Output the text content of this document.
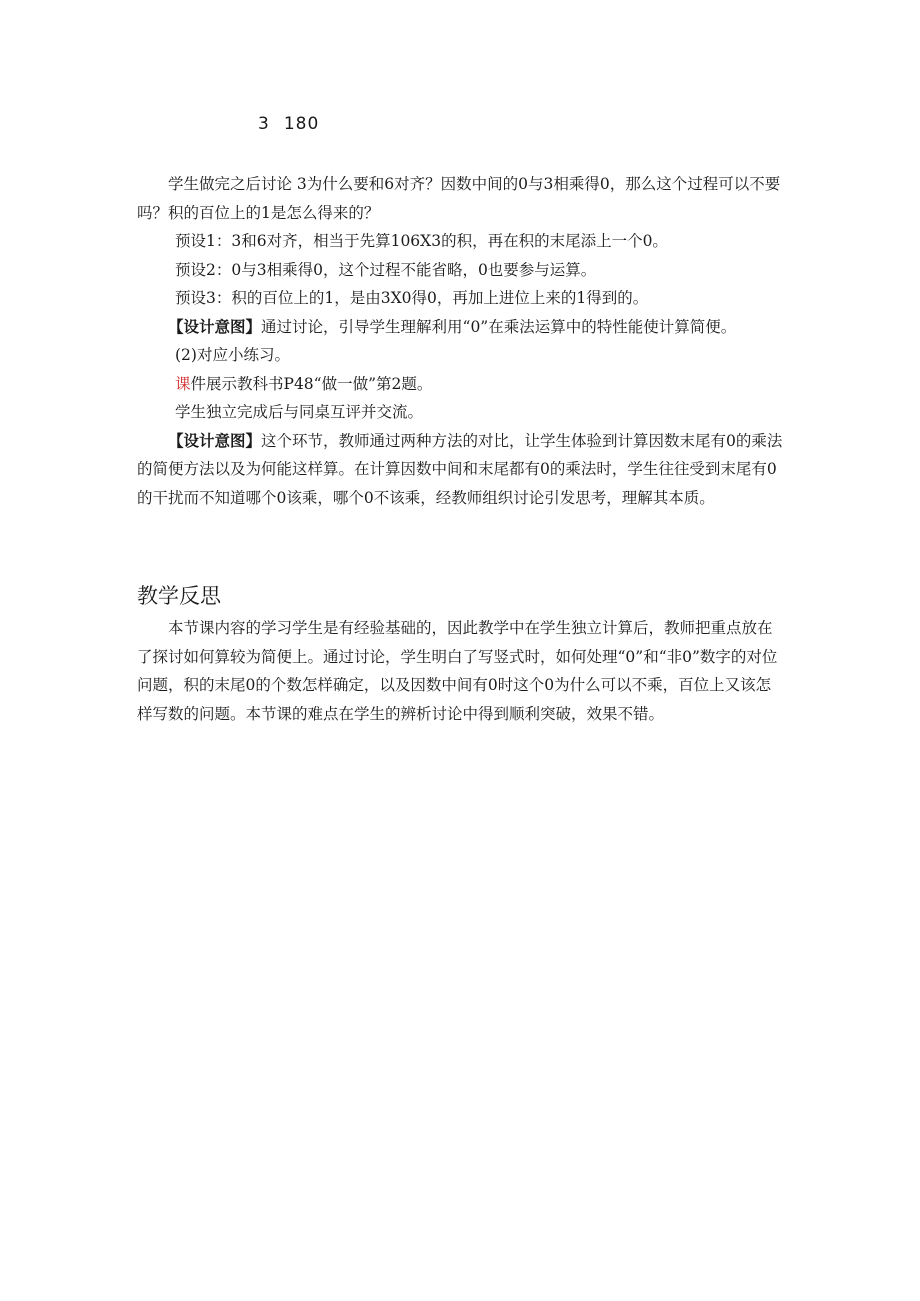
3 180

学生做完之后讨论 3为什么要和6对齐？因数中间的0与3相乘得0，那么这个过程可以不要吗？积的百位上的1是怎么得来的？

预设1：3和6对齐，相当于先算106X3的积，再在积的末尾添上一个0。

预设2：0与3相乘得0，这个过程不能省略，0也要参与运算。

预设3：积的百位上的1，是由3X0得0，再加上进位上来的1得到的。

【设计意图】通过讨论，引导学生理解利用“0”在乘法运算中的特性能使计算简便。

(2)对应小练习。

课件展示教科书P48“做一做”第2题。

学生独立完成后与同桌互评并交流。

【设计意图】这个环节，教师通过两种方法的对比，让学生体验到计算因数末尾有0的乘法的简便方法以及为何能这样算。在计算因数中间和末尾都有0的乘法时，学生往往受到末尾有0的干扰而不知道哪个0该乘，哪个0不该乘，经教师组织讨论引发思考，理解其本质。

教学反思

本节课内容的学习学生是有经验基础的，因此教学中在学生独立计算后，教师把重点放在了探讨如何算较为简便上。通过讨论，学生明白了写竖式时，如何处理“0”和“非0”数字的对位问题，积的末尾0的个数怎样确定，以及因数中间有0时这个0为什么可以不乘，百位上又该怎样写数的问题。本节课的难点在学生的辨析讨论中得到顺利突破，效果不错。
